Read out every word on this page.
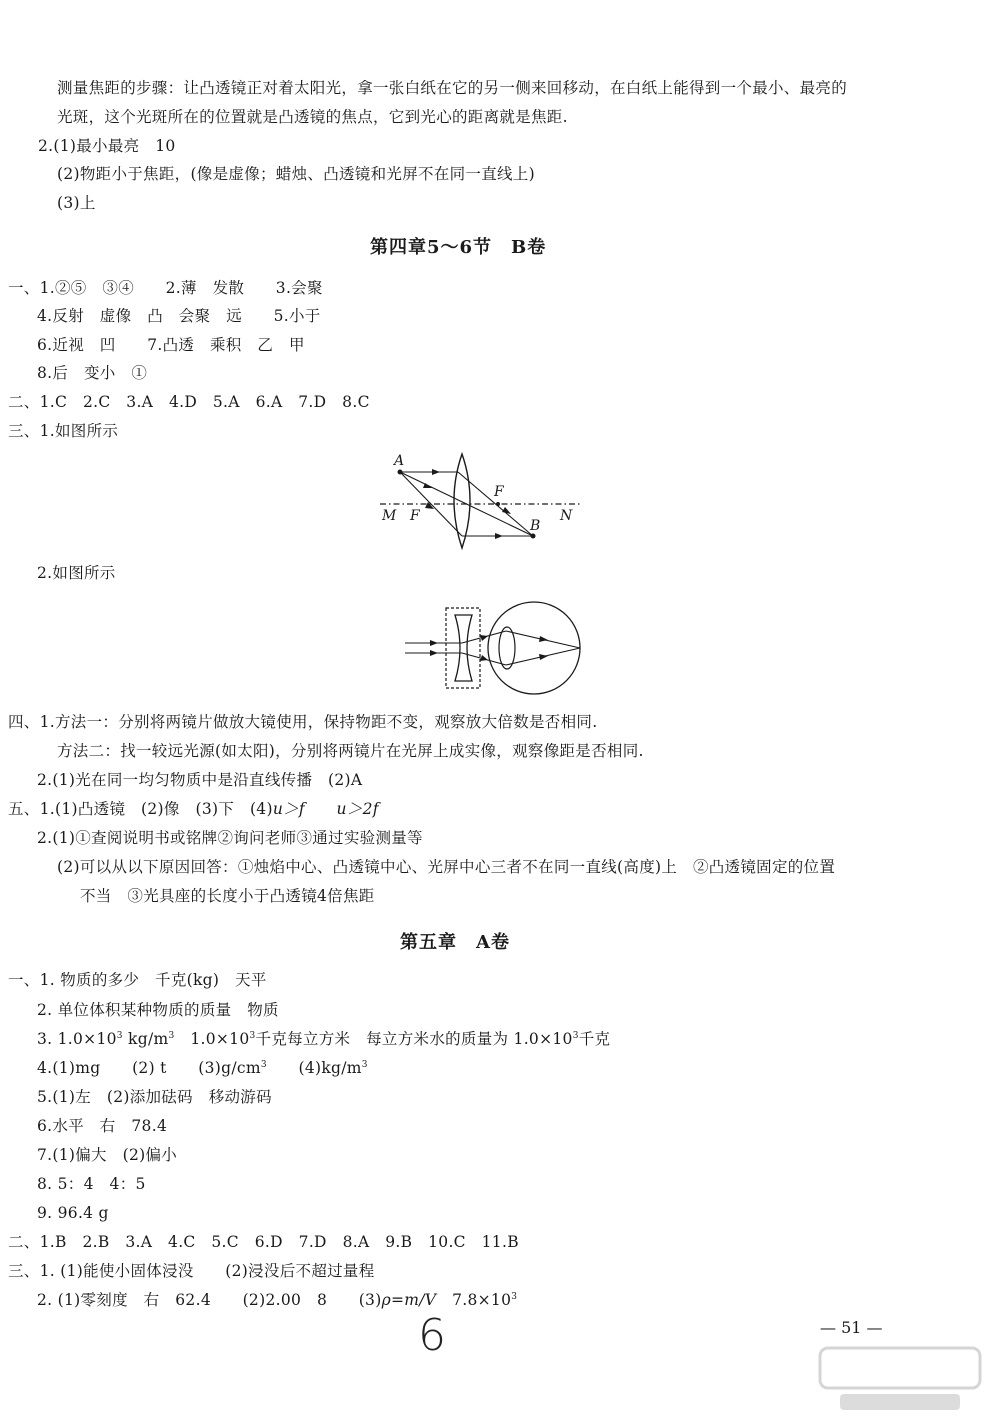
测量焦距的步骤：让凸透镜正对着太阳光，拿一张白纸在它的另一侧来回移动，在白纸上能得到一个最小、最亮的
光斑，这个光斑所在的位置就是凸透镜的焦点，它到光心的距离就是焦距.
2.(1)最小最亮　10
(2)物距小于焦距，(像是虚像；蜡烛、凸透镜和光屏不在同一直线上)
(3)上
第四章5～6节　B卷
一、1.②⑤　③④　　2.薄　发散　　3.会聚
4.反射　虚像　凸　会聚　远　　5.小于
6.近视　凹　　7.凸透　乘积　乙　甲
8.后　变小　①
二、1.C　2.C　3.A　4.D　5.A　6.A　7.D　8.C
三、1.如图所示
A
F
M F
B
N
2.如图所示
四、1.方法一：分别将两镜片做放大镜使用，保持物距不变，观察放大倍数是否相同.
方法二：找一较远光源(如太阳)，分别将两镜片在光屏上成实像，观察像距是否相同.
2.(1)光在同一均匀物质中是沿直线传播　(2)A
五、1.(1)凸透镜　(2)像　(3)下　(4)u＞f　　 u＞2f
2.(1)①查阅说明书或铭牌②询问老师③通过实验测量等
(2)可以从以下原因回答：①烛焰中心、凸透镜中心、光屏中心三者不在同一直线(高度)上　②凸透镜固定的位置
不当　③光具座的长度小于凸透镜4倍焦距
第五章　A卷
一、1. 物质的多少　千克(kg)　天平
2. 单位体积某种物质的质量　物质
3. $1.0\times 10^3$ $kg/m^3$　$1.0\times 10^3$千克每立方米　每立方米水的质量为 $1.0\times 10^3$千克
4.(1)mg　　(2) t　　$(3)g/cm^3$　　$(4)kg/m^3$
5.(1)左　(2)添加砝码　移动游码
6.水平　右　78.4
7.(1)偏大　(2)偏小
8. 5：4　4：5
9. 96.4 g
二、1.B　2.B　3.A　4.C　5.C　6.D　7.D　8.A　9.B　10.C　11.B
三、1. (1)能使小固体浸没　　(2)浸没后不超过量程
2. (1)零刻度　右　62.4　　(2)2.00　8　　(3)ρ=m/V　$7.8\times 10^3$
6	— 51 —
